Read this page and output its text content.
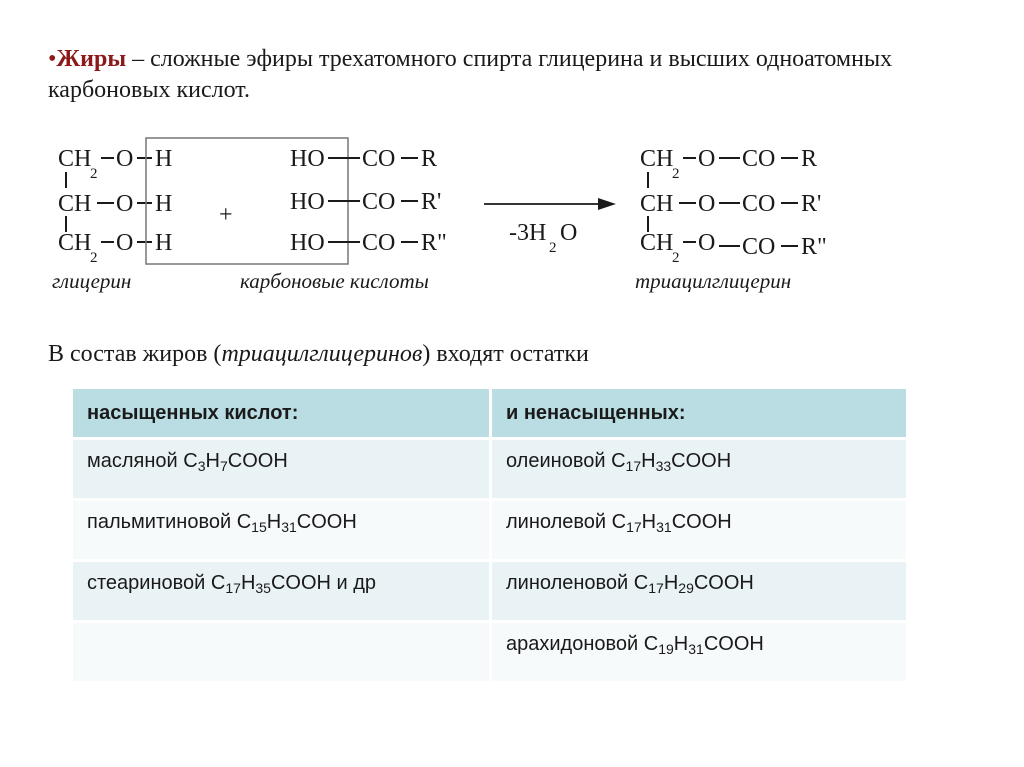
•Жиры – сложные эфиры трехатомного спирта глицерина и высших одноатомных карбоновых кислот.
CH
2
O H
CH O H
CH
2
O H
+
HO CO R
HO CO R'
HO CO R"	-3H
2
O
CH
2
O CO R
CH O CO R'
CH
2
O CO R"
глицерин	карбоновые кислоты	триацилглицерин
В состав жиров (триацилглицеринов) входят остатки
насыщенных кислот:	и ненасыщенных:
масляной $C_3H_7COOH$	олеиновой $C_{17}H_{33}COOH$
пальмитиновой $C_{15}H_{31}COOH$	линолевой $C_{17}H_{31}COOH$
стеариновой $C_{17}H_{35}COOH$ и др	линоленовой $C_{17}H_{29}COOH$
	арахидоновой $C_{19}H_{31}COOH$
